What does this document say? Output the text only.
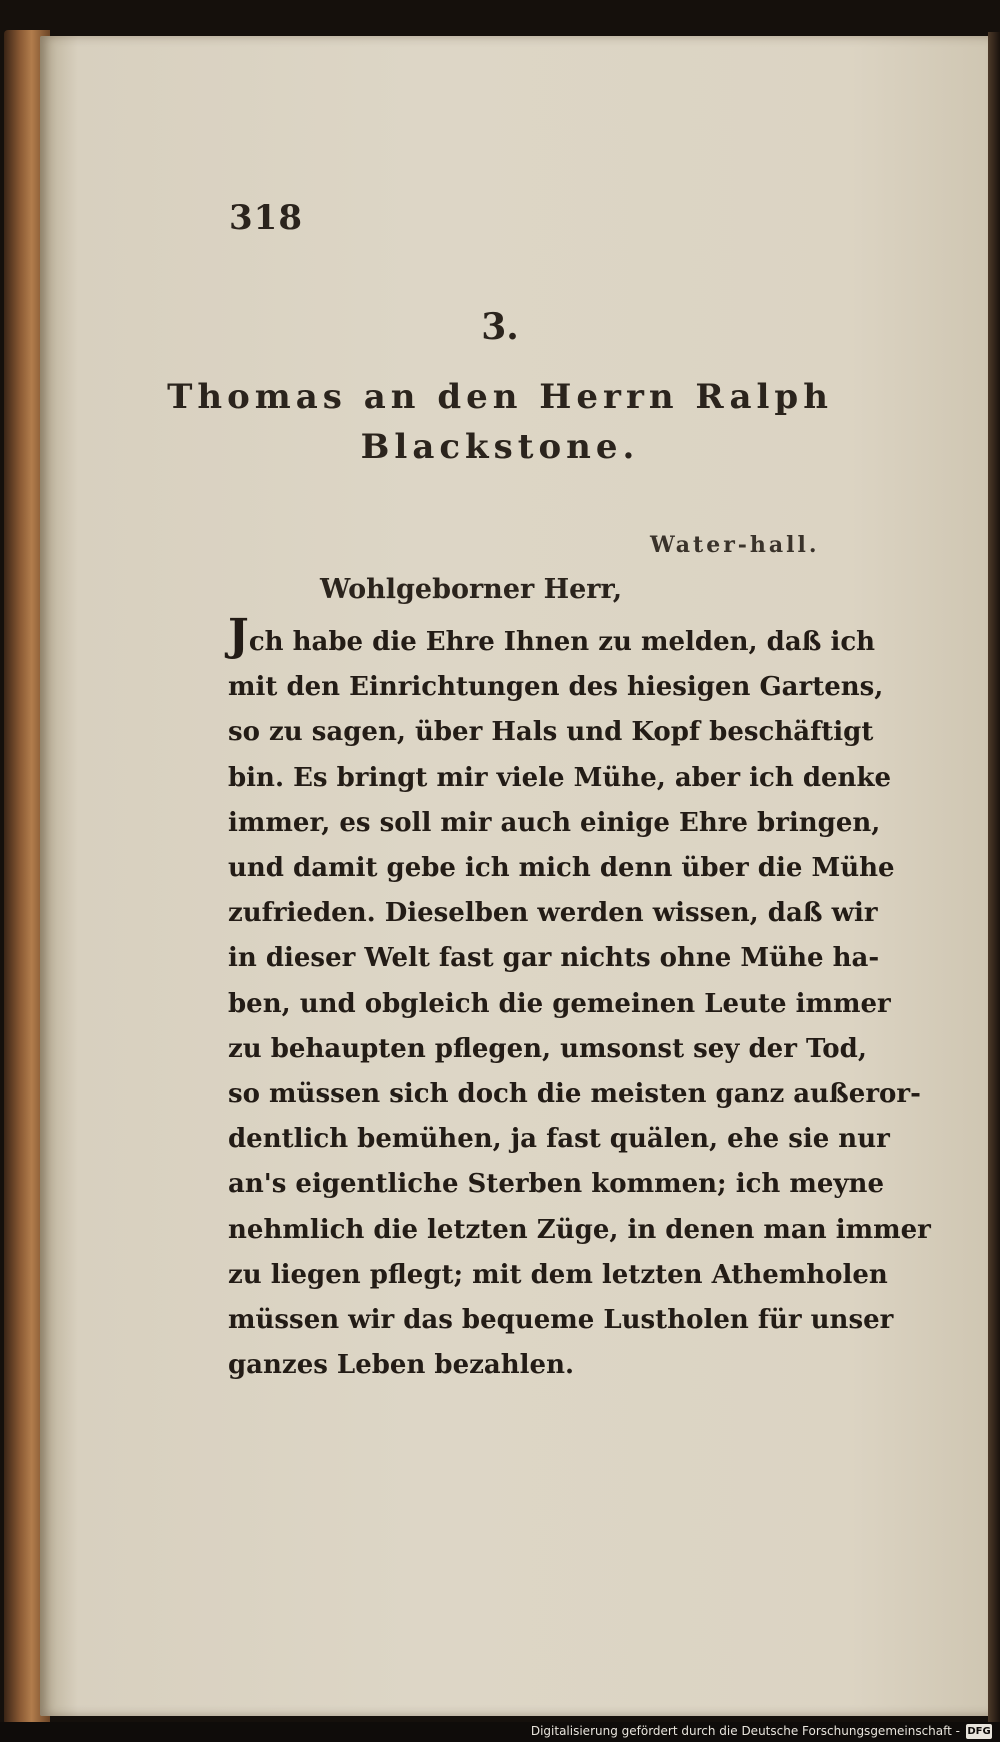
318
3.
Thomas an den Herrn Ralph
Blackstone.
Water-hall.
Wohlgeborner Herr,
Jch habe die Ehre Ihnen zu melden, daß ich
mit den Einrichtungen des hiesigen Gartens,
so zu sagen, über Hals und Kopf beschäftigt
bin. Es bringt mir viele Mühe, aber ich denke
immer, es soll mir auch einige Ehre bringen,
und damit gebe ich mich denn über die Mühe
zufrieden. Dieselben werden wissen, daß wir
in dieser Welt fast gar nichts ohne Mühe ha-
ben, und obgleich die gemeinen Leute immer
zu behaupten pflegen, umsonst sey der Tod,
so müssen sich doch die meisten ganz außeror-
dentlich bemühen, ja fast quälen, ehe sie nur
an's eigentliche Sterben kommen; ich meyne
nehmlich die letzten Züge, in denen man immer
zu liegen pflegt; mit dem letzten Athemholen
müssen wir das bequeme Lustholen für unser
ganzes Leben bezahlen.
Digitalisierung gefördert durch die Deutsche Forschungsgemeinschaft - DFG
